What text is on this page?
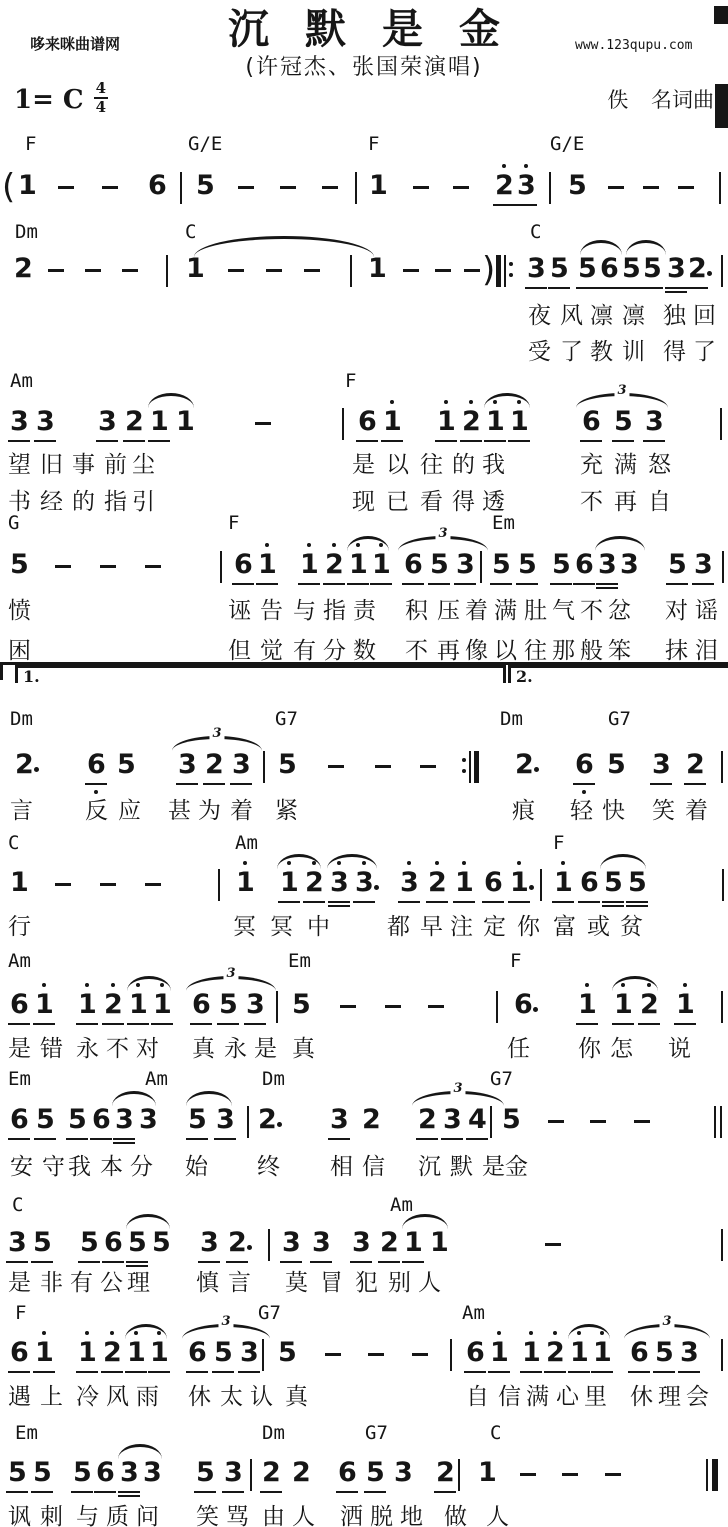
哆来咪曲谱网	沉默是金	www.123qupu.com
(许冠杰、张国荣演唱)
1= C $\frac{4}{4}$	佚 名词曲
F	G/E	F	G/E
( 1	6 5	1	2 3 5
Dm	C	C
2	1	1	) 3 5 5 6 5 5 3 2
夜 风 凛 凛 独 回
受 了 教 训 得 了
Am	F	3
3 3 3 2 1 1	6 1 1 2 1 1 6 5 3
望 旧 事 前 尘	是 以 往 的 我	充 满 怒
书 经 的 指 引	现 已 看 得 透	不 再 自
G	F	Em
3
5	6 1 1 2 1 1 6 5 3 5 5 5 6 3 3 5 3
愤	诬 告 与 指 责 积 压 着 满 肚 气 不 忿 对 谣
困	但 觉 有 分 数 不 再 像 以 往 那 般 笨 抹 泪
1.	2.
Dm	G7	Dm	G7
3
2 6 5 3 2 3 5	2 6 5 3 2
言 反 应 甚 为 着 紧	痕 轻 快 笑 着
C	Am	F
1	1 1 2 3 3 3 2 1 6 1 1 6 5 5
行	冥 冥 中 都 早 注 定 你 富 或 贫
Am	Em	F
3
6 1 1 2 1 1 6 5 3 5	6 1 1 2 1
是 错 永 不 对 真 永 是 真	任 你 怎 说
Em	Am	Dm	G7
3
6 5 5 6 3 3 5 3 2 3 2 2 3 4 5
安 守 我 本 分 始 终 相 信 沉 默 是 金
C	Am
3 5 5 6 5 5 3 2 3 3 3 2 1 1
是 非 有 公 理 慎 言 莫 冒 犯 别 人
F	G7	Am
3	3
6 1 1 2 1 1 6 5 3 5	6 1 1 2 1 1 6 5 3
遇 上 冷 风 雨 休 太 认 真	自 信 满 心 里 休 理 会
Em	Dm	G7	C
5 5 5 6 3 3 5 3 2 2 6 5 3 2 1
讽 刺 与 质 问 笑 骂 由 人 洒 脱 地 做 人
